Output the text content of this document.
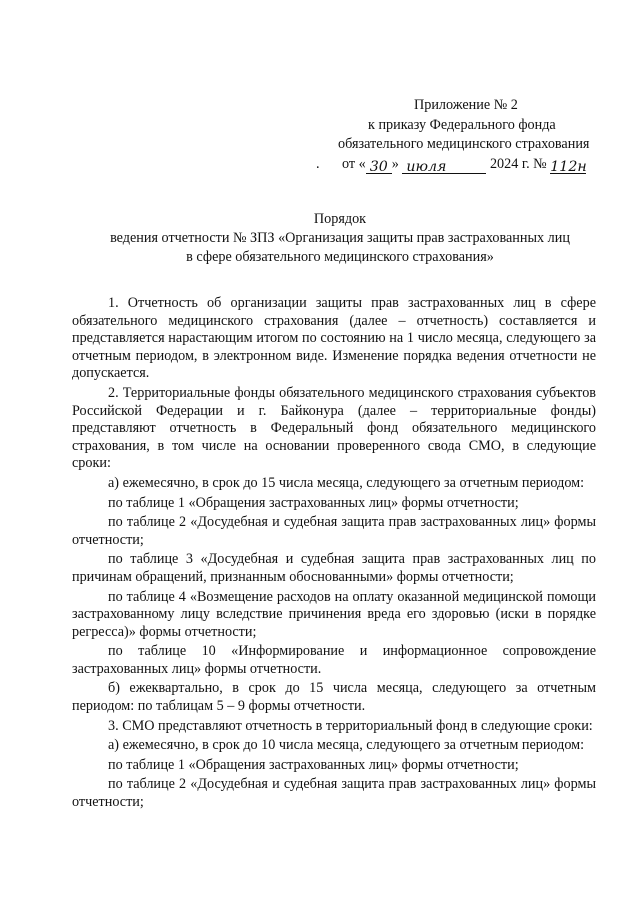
Приложение № 2
к приказу Федерального фонда
обязательного медицинского страхования
. от « 30 » июля	2024 г. № 112н
Порядок
ведения отчетности № ЗПЗ «Организация защиты прав застрахованных лиц
в сфере обязательного медицинского страхования»

1. Отчетность об организации защиты прав застрахованных лиц в сфере обязательного медицинского страхования (далее – отчетность) составляется и представляется нарастающим итогом по состоянию на 1 число месяца, следующего за отчетным периодом, в электронном виде. Изменение порядка ведения отчетности не допускается.

2. Территориальные фонды обязательного медицинского страхования субъектов Российской Федерации и г. Байконура (далее – территориальные фонды) представляют отчетность в Федеральный фонд обязательного медицинского страхования, в том числе на основании проверенного свода СМО, в следующие сроки:

а) ежемесячно, в срок до 15 числа месяца, следующего за отчетным периодом:

по таблице 1 «Обращения застрахованных лиц» формы отчетности;

по таблице 2 «Досудебная и судебная защита прав застрахованных лиц» формы отчетности;

по таблице 3 «Досудебная и судебная защита прав застрахованных лиц по причинам обращений, признанным обоснованными» формы отчетности;

по таблице 4 «Возмещение расходов на оплату оказанной медицинской помощи застрахованному лицу вследствие причинения вреда его здоровью (иски в порядке регресса)» формы отчетности;

по таблице 10 «Информирование и информационное сопровождение застрахованных лиц» формы отчетности.

б) ежеквартально, в срок до 15 числа месяца, следующего за отчетным периодом: по таблицам 5 – 9 формы отчетности.

3. СМО представляют отчетность в территориальный фонд в следующие сроки:

а) ежемесячно, в срок до 10 числа месяца, следующего за отчетным периодом:

по таблице 1 «Обращения застрахованных лиц» формы отчетности;

по таблице 2 «Досудебная и судебная защита прав застрахованных лиц» формы отчетности;
